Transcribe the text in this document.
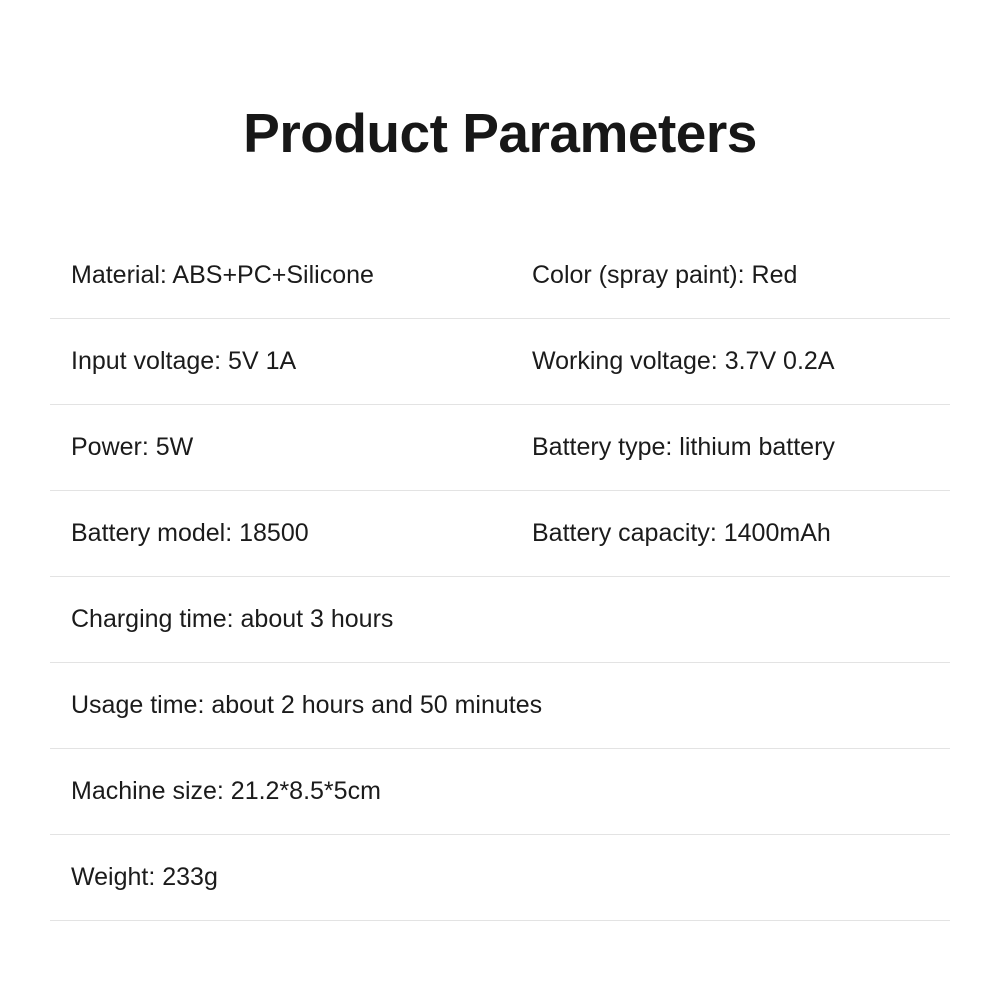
Product Parameters
Material: ABS+PC+Silicone	Color (spray paint): Red

Input voltage: 5V 1A	Working voltage: 3.7V 0.2A

Power: 5W	Battery type: lithium battery

Battery model: 18500	Battery capacity: 1400mAh

Charging time: about 3 hours	

Usage time: about 2 hours and 50 minutes	

Machine size: 21.2*8.5*5cm	

Weight: 233g	
